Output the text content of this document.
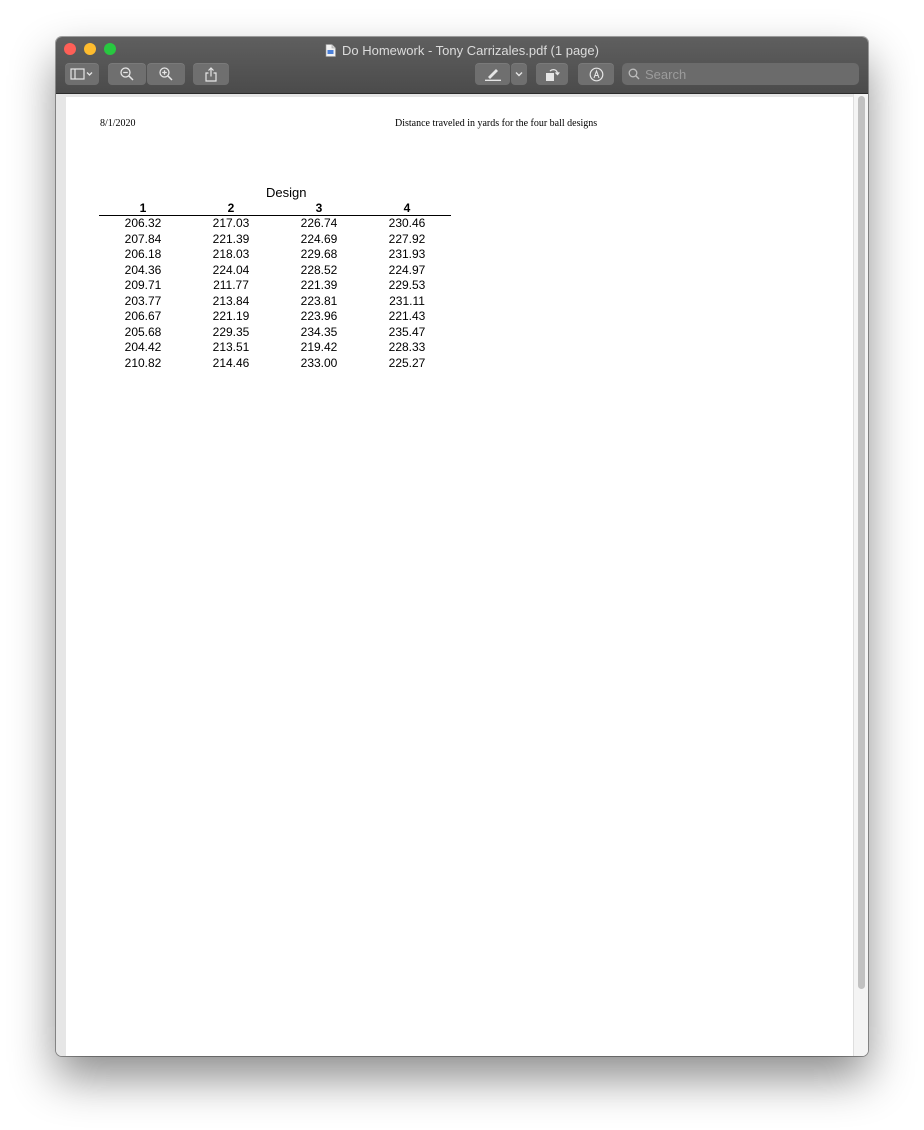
Do Homework - Tony Carrizales.pdf (1 page)
Search
8/1/2020	Distance traveled in yards for the four ball designs
Design
1	2	3	4
206.32	217.03	226.74	230.46
207.84	221.39	224.69	227.92
206.18	218.03	229.68	231.93
204.36	224.04	228.52	224.97
209.71	211.77	221.39	229.53
203.77	213.84	223.81	231.11
206.67	221.19	223.96	221.43
205.68	229.35	234.35	235.47
204.42	213.51	219.42	228.33
210.82	214.46	233.00	225.27
